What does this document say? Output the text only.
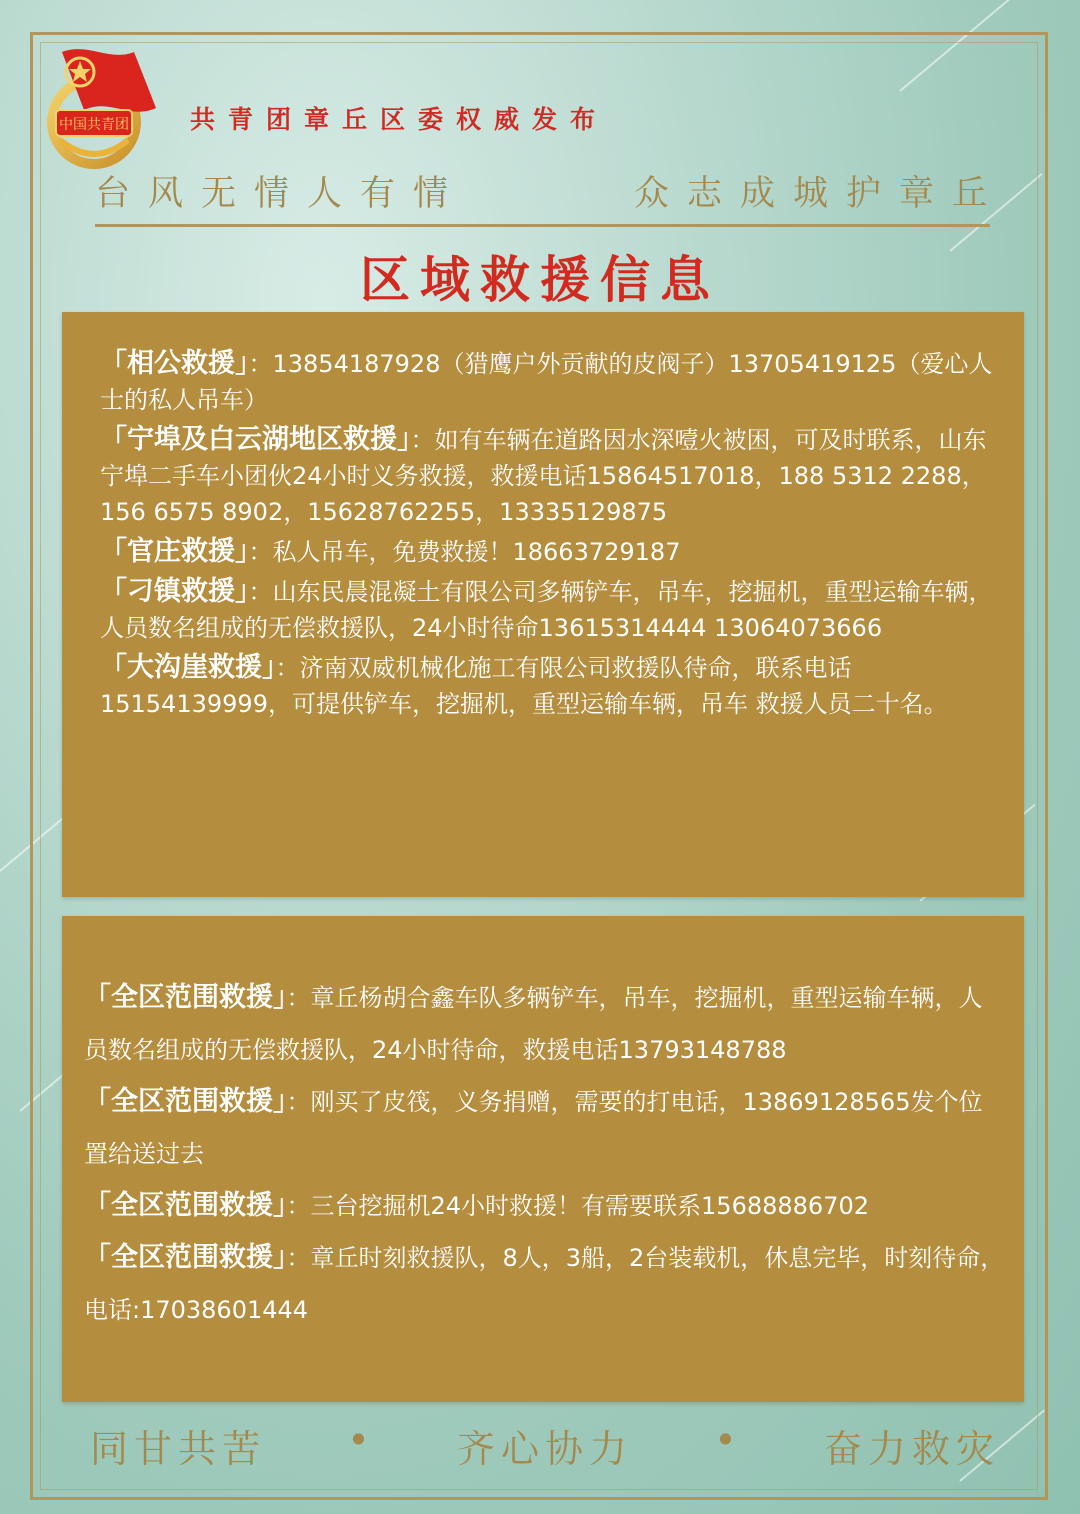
中国共青团 共青团章丘区委权威发布
台风无情人有情	众志成城护章丘
区域救援信息
「相公救援」：13854187928（猎鹰户外贡献的皮阀子）13705419125（爱心人士的私人吊车）
「宁埠及白云湖地区救援」：如有车辆在道路因水深噎火被困，可及时联系，山东宁埠二手车小团伙24小时义务救援，救援电话15864517018，188 5312 2288，156 6575 8902，15628762255，13335129875
「官庄救援」：私人吊车，免费救援！18663729187
「刁镇救援」：山东民晨混凝土有限公司多辆铲车，吊车，挖掘机，重型运输车辆，人员数名组成的无偿救援队，24小时待命13615314444 13064073666
「大沟崖救援」：济南双威机械化施工有限公司救援队待命，联系电话15154139999，可提供铲车，挖掘机，重型运输车辆，吊车 救援人员二十名。
「全区范围救援」：章丘杨胡合鑫车队多辆铲车，吊车，挖掘机，重型运输车辆，人员数名组成的无偿救援队，24小时待命，救援电话13793148788
「全区范围救援」：刚买了皮筏，义务捐赠，需要的打电话，13869128565发个位置给送过去
「全区范围救援」：三台挖掘机24小时救援！有需要联系15688886702
「全区范围救援」：章丘时刻救援队，8人，3船，2台装载机，休息完毕，时刻待命，电话:17038601444
同甘共苦 • 齐心协力 • 奋力救灾
